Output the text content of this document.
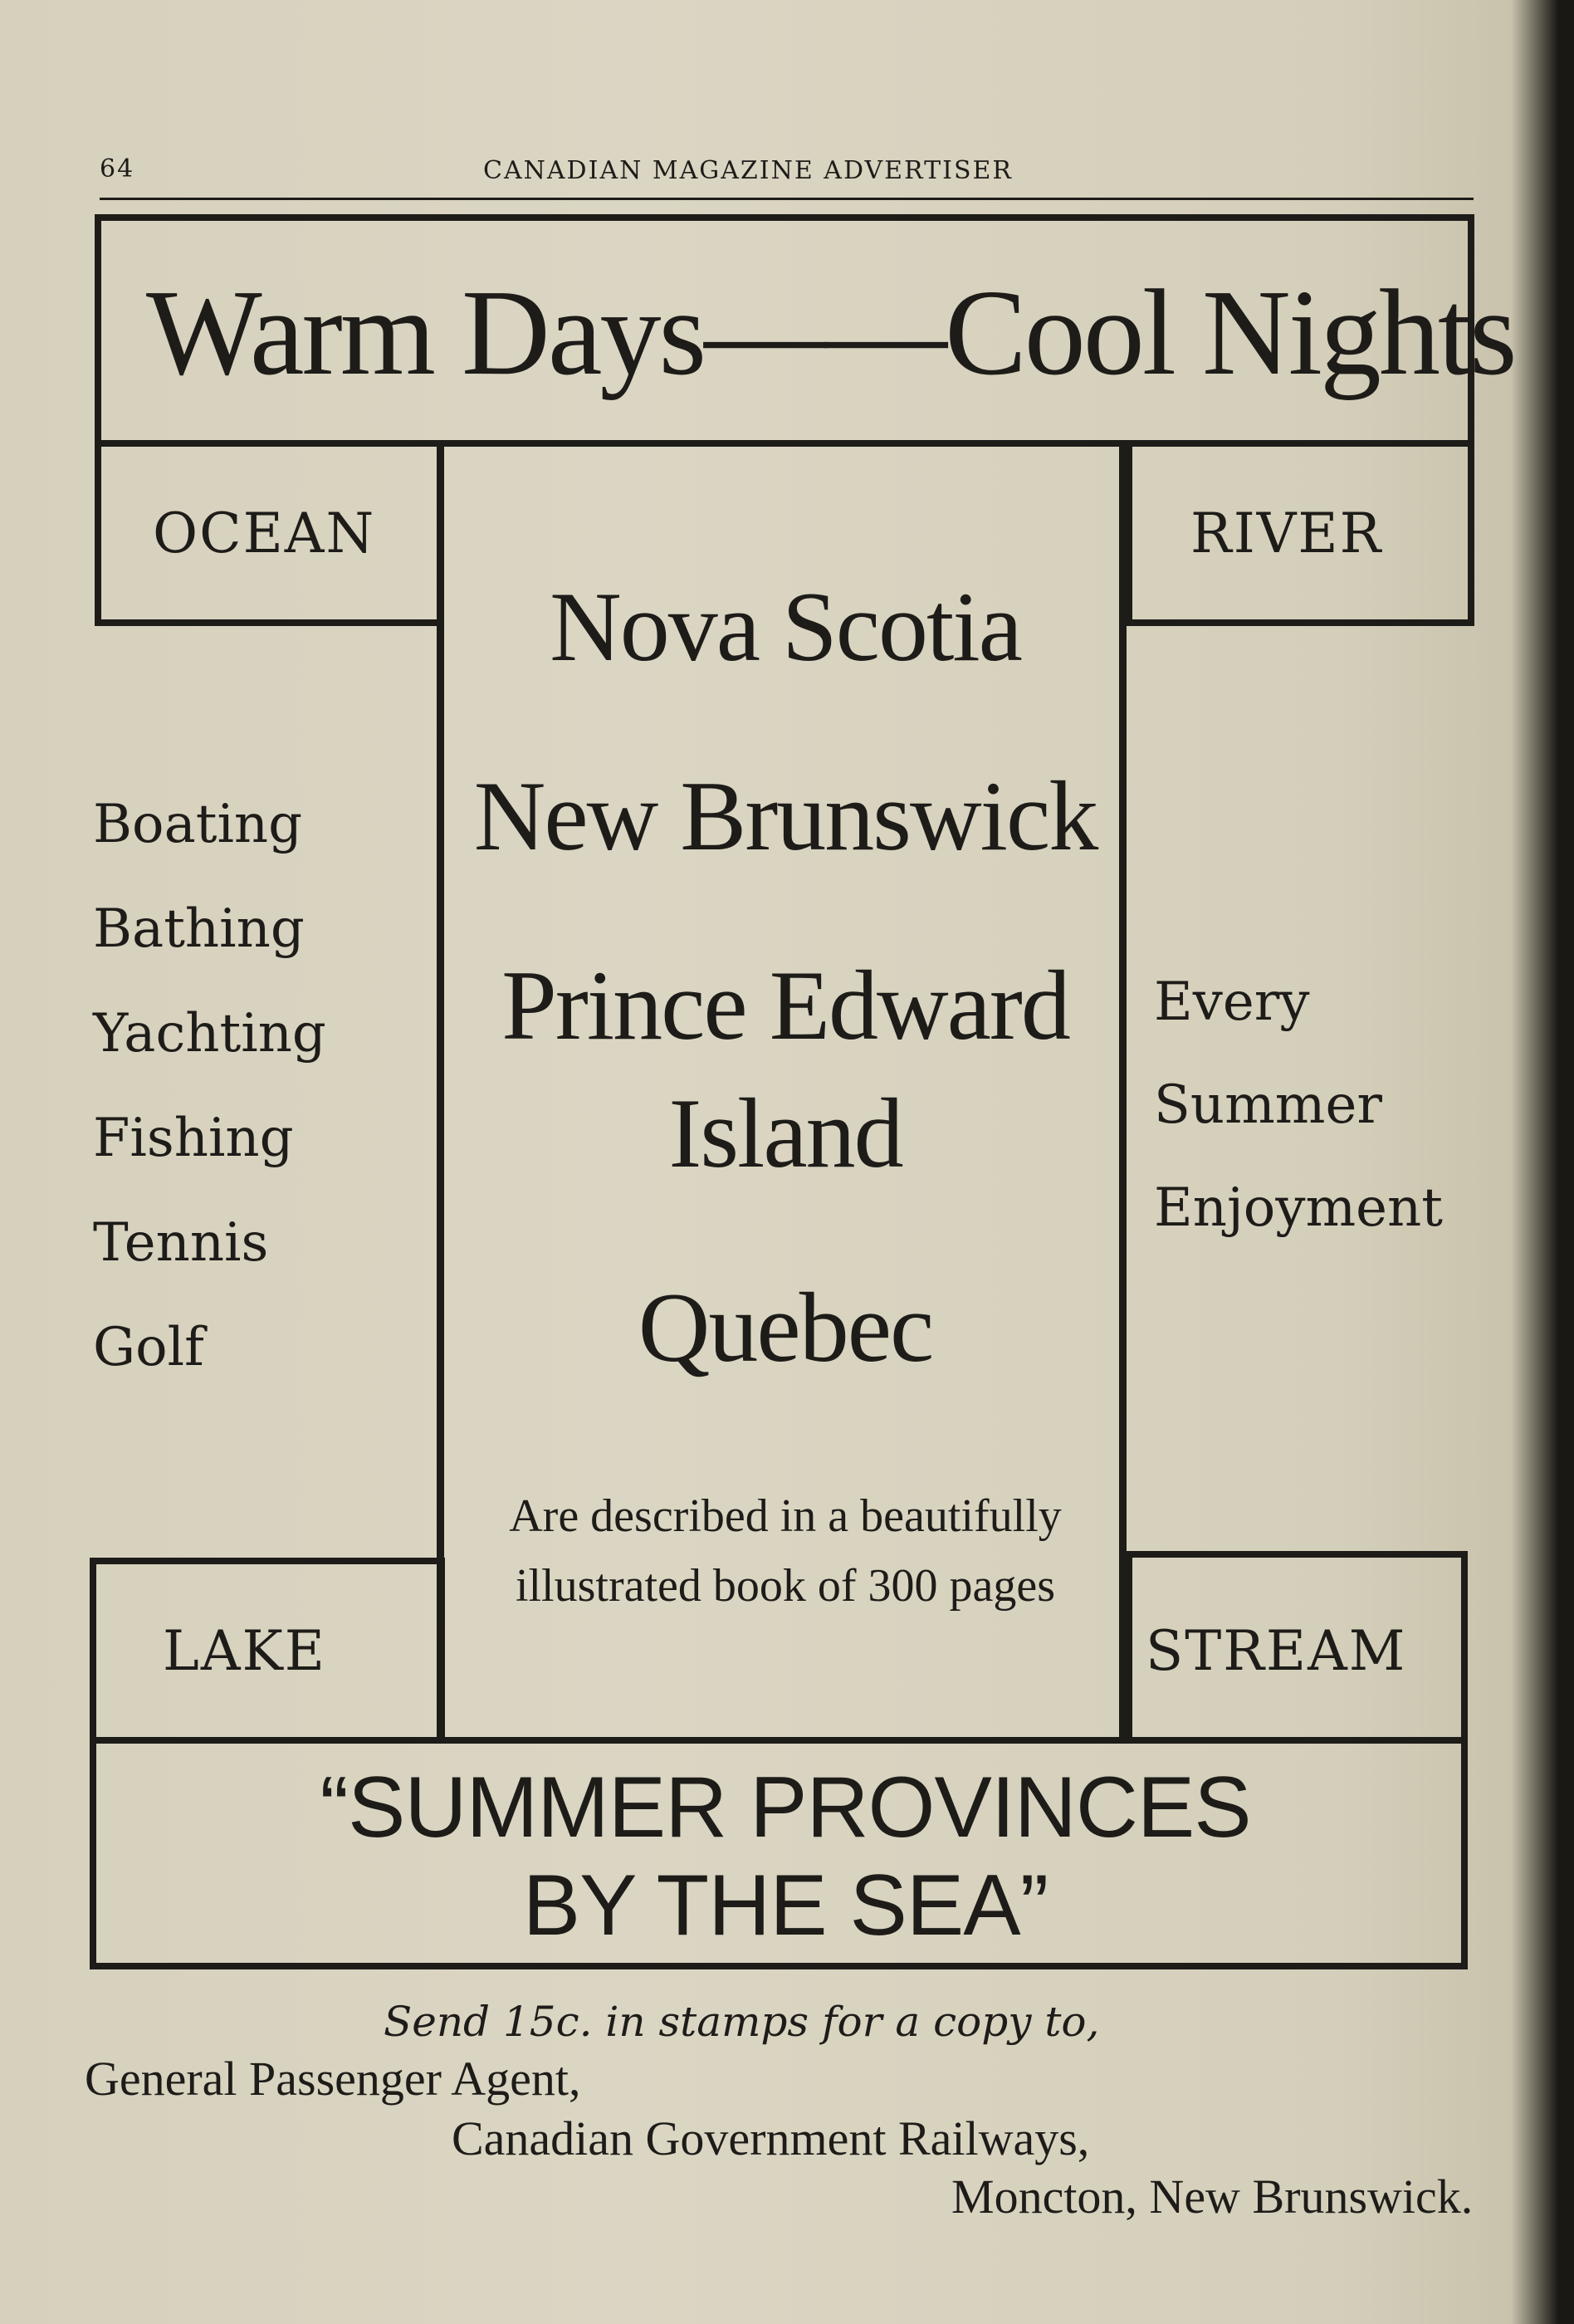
64	CANADIAN MAGAZINE ADVERTISER
Warm Days——Cool Nights
OCEAN	RIVER
LAKE	STREAM
Boating
Bathing
Yachting
Fishing
Tennis
Golf
Nova Scotia
New Brunswick
Prince Edward
Island
Quebec
Are described in a beautifully
illustrated book of 300 pages
Every
Summer
Enjoyment
“SUMMER PROVINCES
BY THE SEA”
Send 15c. in stamps for a copy to,
General Passenger Agent,
Canadian Government Railways,
Moncton, New Brunswick.
